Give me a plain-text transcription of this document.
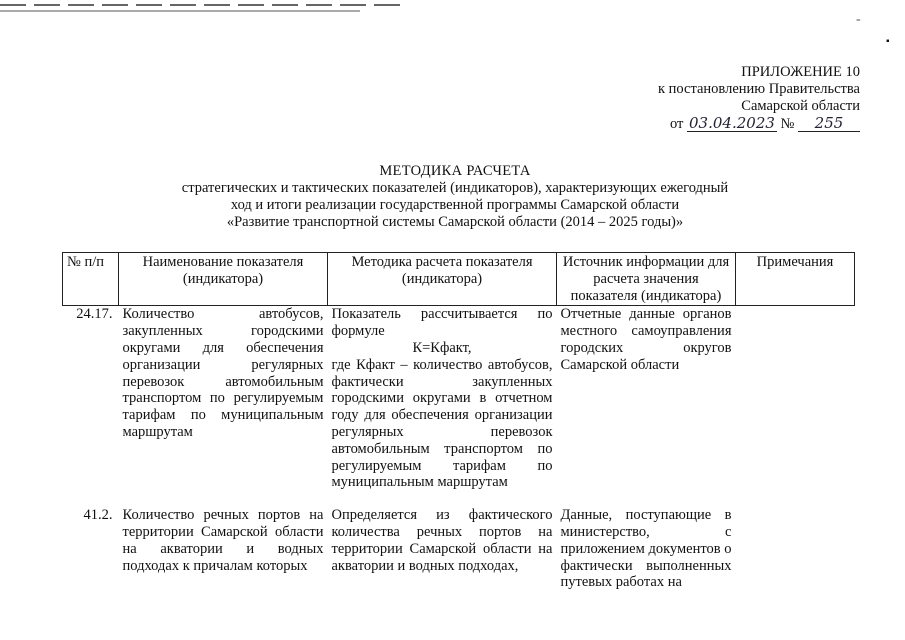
-
▪
ПРИЛОЖЕНИЕ 10
к постановлению Правительства
Самарской области
от 03.04.2023 № 255
МЕТОДИКА РАСЧЕТА
стратегических и тактических показателей (индикаторов), характеризующих ежегодный
ход и итоги реализации государственной программы Самарской области
«Развитие транспортной системы Самарской области (2014 – 2025 годы)»
№ п/п	Наименование показателя (индикатора)	Методика расчета показателя (индикатора)	Источник информации для расчета значения показателя (индикатора)	Примечания
24.17.	Количество автобусов, закупленных городскими округами для обеспечения организации регулярных перевозок автомобильным транспортом по регулируемым тарифам по муниципальным маршрутам	Показатель рассчитывается по формуле
К=Кфакт,
где Кфакт – количество автобусов, фактически закупленных городскими округами в отчетном году для обеспечения организации регулярных перевозок автомобильным транспортом по регулируемым тарифам по муниципальным маршрутам	Отчетные данные органов местного самоуправления городских округов Самарской области	

41.2.	Количество речных портов на территории Самарской области на акватории и водных подходах к причалам которых	Определяется из фактического количества речных портов на территории Самарской области на акватории и водных подходах,	Данные, поступающие в министерство, с приложением документов о фактически выполненных путевых работах на	
